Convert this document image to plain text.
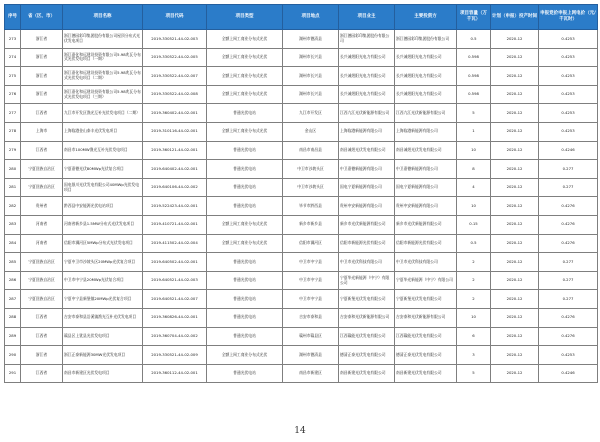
序号	省（区、市）	项目名称	项目代码	项目类型	项目地点	项目业主	主要投资方	项目容量（万千瓦）	计划（申报）投产时间	申报竞价申报上网电价（元/千瓦时）
273	浙江省	浙江德园彩印集团股份有限公司屋顶分布式光伏发电项目	2019-330521-44-02-003	全额上网工商业分布式光伏	湖州市德清县	浙江德园彩印集团股份有限公司	浙江德园彩印集团股份有限公司	0.5	2020-12	0.4253
274	浙江省	浙江嘉化和远建设投资有限公司5.98兆瓦分布式光伏发电项目（一期）	2019-330522-44-02-005	全额上网工商业分布式光伏	湖州市长兴县	长兴诚煜阳光电力有限公司	长兴诚煜阳光电力有限公司	0.598	2020-12	0.4253
275	浙江省	浙江嘉化和远建设投资有限公司5.98兆瓦分布式光伏发电项目（二期）	2019-330522-44-02-007	全额上网工商业分布式光伏	湖州市长兴县	长兴诚煜阳光电力有限公司	长兴诚煜阳光电力有限公司	0.598	2020-12	0.4253
276	浙江省	浙江嘉化和远建设投资有限公司5.98兆瓦分布式光伏发电项目（三期）	2019-330522-44-02-008	全额上网工商业分布式光伏	湖州市长兴县	长兴诚煜阳光电力有限公司	长兴诚煜阳光电力有限公司	0.598	2020-12	0.4253
277	江西省	九江市开发区渔光互补光伏发电项目（二期）	2019-360402-44-02-001	普通光伏电站	九江市开发区	江西九江光伏新能源有限公司	江西九江光伏新能源有限公司	5	2020-12	0.4253
278	上海市	上海临港金山泰丰光伏发电项目	2019-310116-44-02-001	全额上网工商业分布式光伏	金山区	上海临港新能源有限公司	上海临港新能源有限公司	1	2020-12	0.4253
279	江西省	南昌市100MW渔光互补光伏发电项目	2019-360121-44-02-001	普通光伏电站	南昌市南昌县	南昌诚煜光伏发电有限公司	南昌诚煜光伏发电有限公司	10	2020-12	0.4246
280	宁夏回族自治区	宁夏嘉德光伏80MWp光伏复合项目	2019-640402-44-02-001	普通光伏电站	中卫市沙坡头区	中卫嘉德新能源有限公司	中卫嘉德新能源有限公司	8	2020-12	0.277
281	宁夏回族自治区	国电银川光伏发电有限公司40MWp光伏发电项目	2019-640106-44-02-002	普通光伏电站	中卫市沙坡头区	国电宁夏新能源有限公司	国电宁夏新能源有限公司	4	2020-12	0.277
282	贵州省	黔西县中安能源光伏电站项目	2019-522423-44-02-001	普通光伏电站	毕节市黔西县	贵州中安新能源有限公司	贵州中安新能源有限公司	10	2020-12	0.4276
283	河南省	河南省新乡县1.5MW分布式光伏发电项目	2019-410721-44-02-001	全额上网工商业分布式光伏	新乡市新乡县	新乡市光伏新能源有限公司	新乡市光伏新能源有限公司	0.15	2020-12	0.4276
284	河南省	信阳市浉河区5MWp分布式光伏发电项目	2019-411502-44-02-004	全额上网工商业分布式光伏	信阳市浉河区	信阳市新能源光伏有限公司	信阳市新能源光伏有限公司	0.5	2020-12	0.4276
285	宁夏回族自治区	宁夏中卫市沙坡头区20MWp光伏复合项目	2019-640502-44-02-001	普通光伏电站	中卫市中宁县	中卫市光伏科技有限公司	中卫市光伏科技有限公司	2	2020-12	0.277
286	宁夏回族自治区	中卫市中宁县20MWp光伏复合项目	2019-640521-44-02-003	普通光伏电站	中卫市中宁县	宁夏华光新能源（中宁）有限公司	宁夏华光新能源（中宁）有限公司	2	2020-12	0.277
287	宁夏回族自治区	宁夏中宁县新堡镇20MWp光伏复合项目	2019-640521-44-02-007	普通光伏电站	中卫市中宁县	宁夏新堡光伏发电有限公司	宁夏新堡光伏发电有限公司	2	2020-12	0.277
288	江西省	吉安市泰和县沿溪镇渔光互补光伏发电项目	2019-360826-44-02-001	普通光伏电站	吉安市泰和县	吉安泰和光伏新能源有限公司	吉安泰和光伏新能源有限公司	10	2020-12	0.4276
289	江西省	赣县区上犹县光伏发电项目	2019-360704-44-02-002	普通光伏电站	赣州市赣县区	江西赣能光伏发电有限公司	江西赣能光伏发电有限公司	6	2020-12	0.4276
290	浙江省	浙江正泰新能源30MW光伏发电项目	2019-330521-44-02-009	全额上网工商业分布式光伏	湖州市德清县	德清正泰光伏发电有限公司	德清正泰光伏发电有限公司	3	2020-12	0.4253
291	江西省	南昌市新建区光伏发电项目	2019-360112-44-02-001	普通光伏电站	南昌市新建区	南昌新建光伏发电有限公司	南昌新建光伏发电有限公司	5	2020-12	0.4246
14
